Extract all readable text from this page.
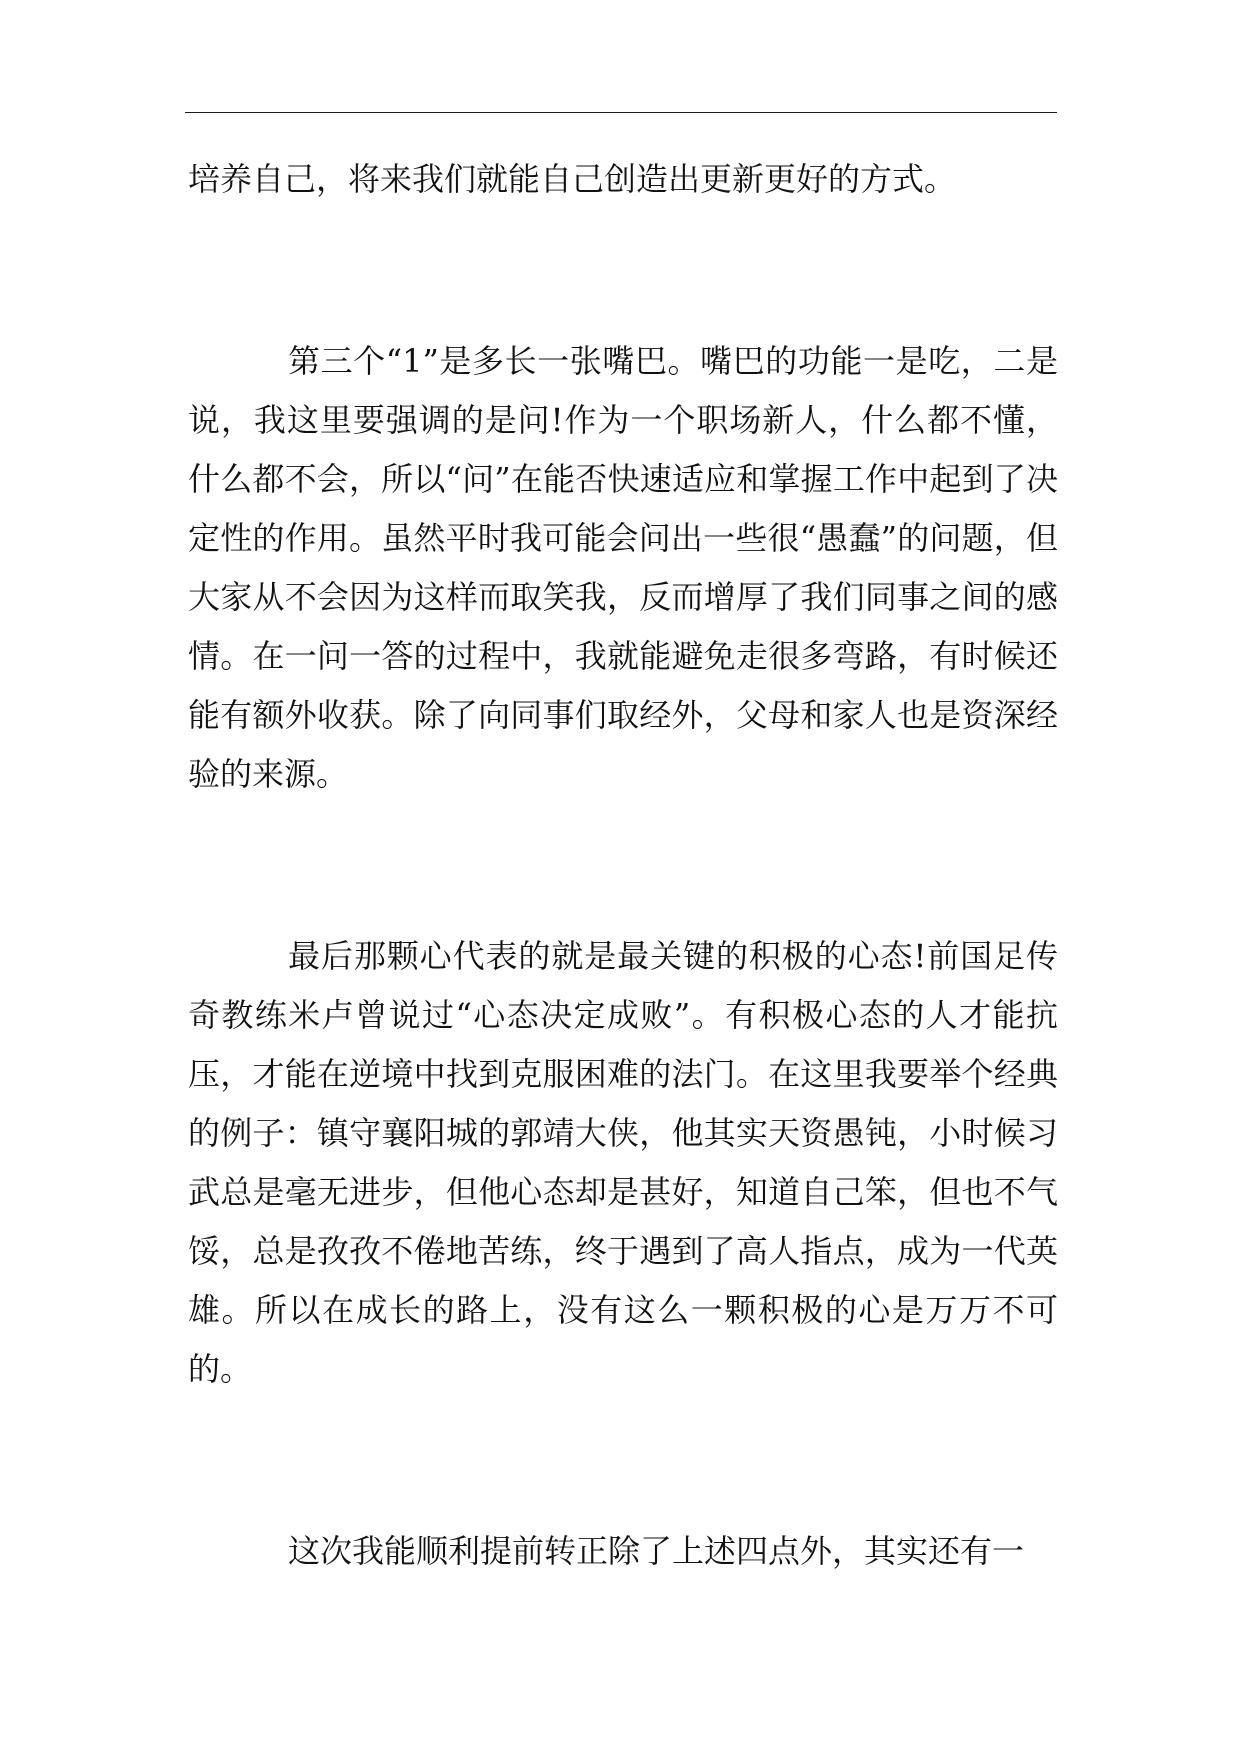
培养自己，将来我们就能自己创造出更新更好的方式。

第三个“1”是多长一张嘴巴。嘴巴的功能一是吃，二是说，我这里要强调的是问!作为一个职场新人，什么都不懂，什么都不会，所以“问”在能否快速适应和掌握工作中起到了决定性的作用。虽然平时我可能会问出一些很“愚蠢”的问题，但大家从不会因为这样而取笑我，反而增厚了我们同事之间的感情。在一问一答的过程中，我就能避免走很多弯路，有时候还能有额外收获。除了向同事们取经外，父母和家人也是资深经验的来源。

最后那颗心代表的就是最关键的积极的心态!前国足传奇教练米卢曾说过“心态决定成败”。有积极心态的人才能抗压，才能在逆境中找到克服困难的法门。在这里我要举个经典的例子：镇守襄阳城的郭靖大侠，他其实天资愚钝，小时候习武总是毫无进步，但他心态却是甚好，知道自己笨，但也不气馁，总是孜孜不倦地苦练，终于遇到了高人指点，成为一代英雄。所以在成长的路上，没有这么一颗积极的心是万万不可的。

这次我能顺利提前转正除了上述四点外，其实还有一
